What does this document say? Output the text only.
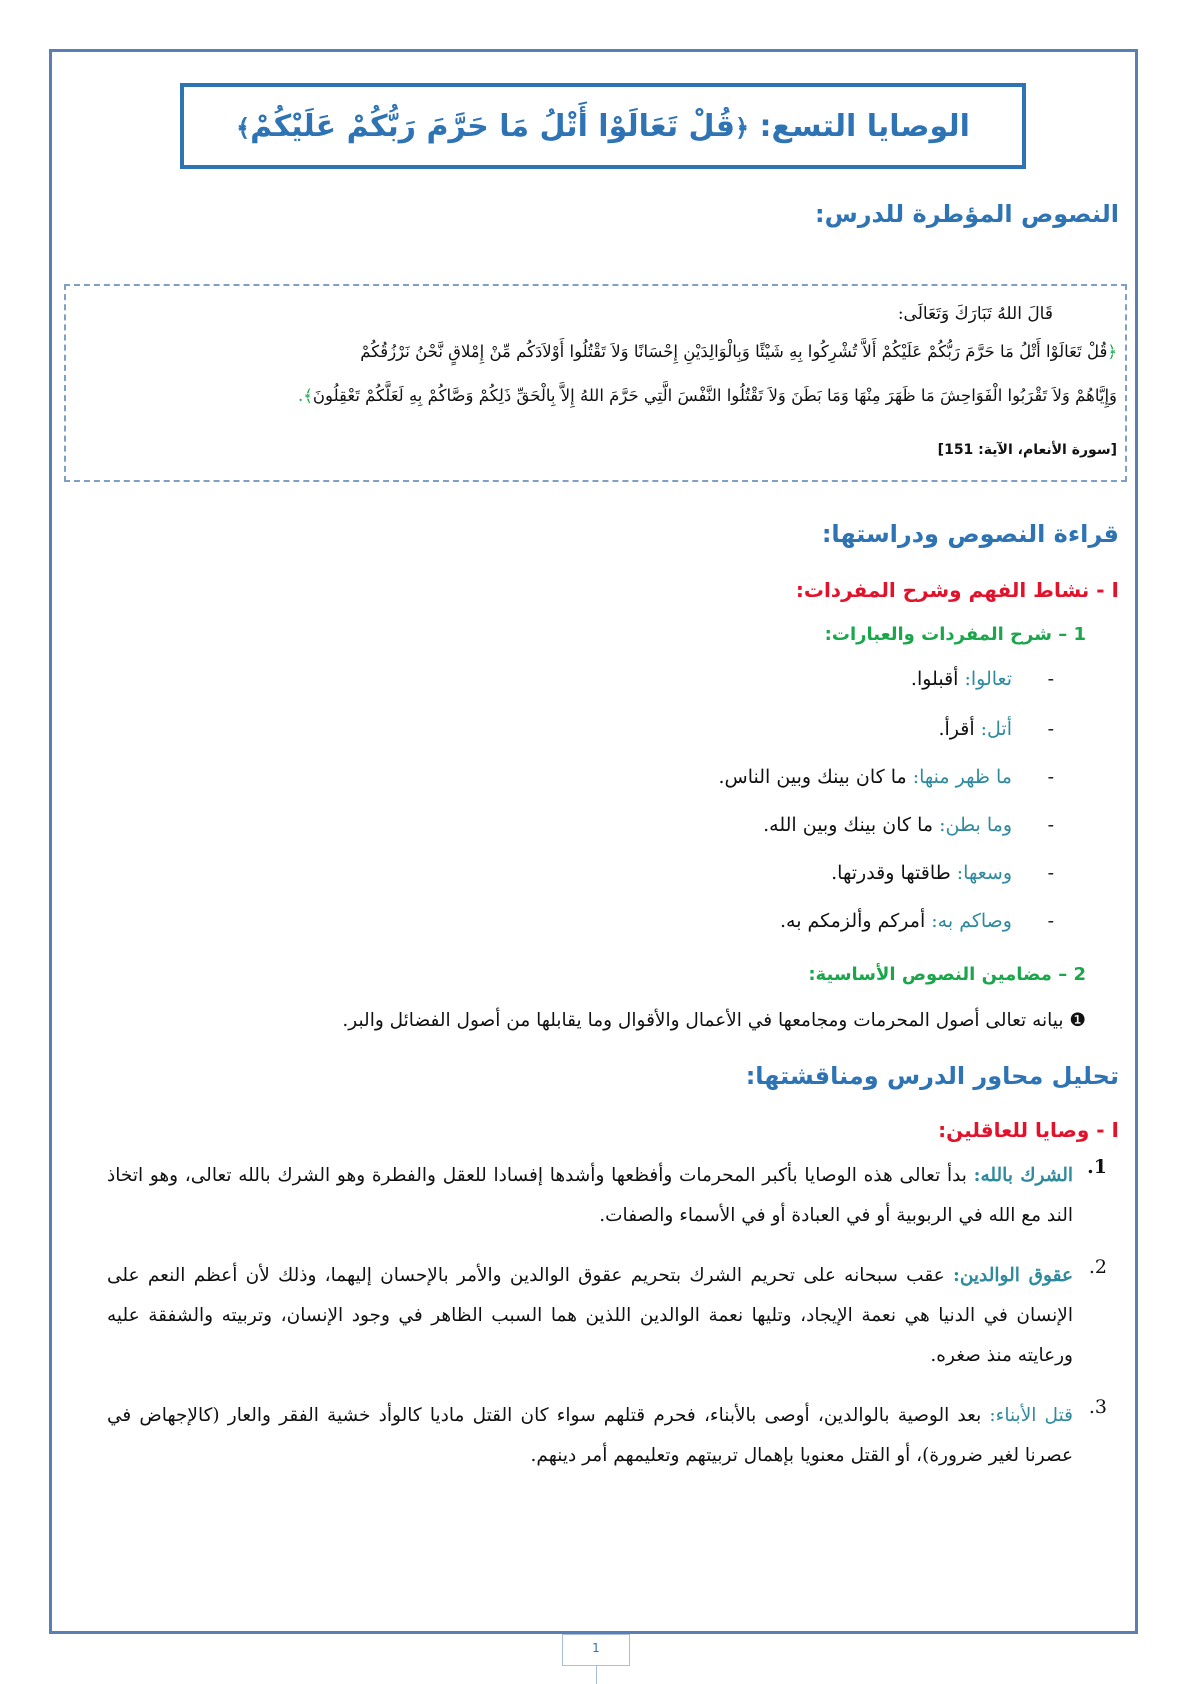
الوصايا التسع: ﴿قُلْ تَعَالَوْا أَتْلُ مَا حَرَّمَ رَبُّكُمْ عَلَيْكُمْ﴾
النصوص المؤطرة للدرس:
قَالَ اللهُ تَبَارَكَ وَتَعَالَى:
﴿قُلْ تَعَالَوْا أَتْلُ مَا حَرَّمَ رَبُّكُمْ عَلَيْكُمْ أَلاَّ تُشْرِكُوا بِهِ شَيْئًا وَبِالْوَالِدَيْنِ إِحْسَانًا وَلاَ تَقْتُلُوا أَوْلاَدَكُم مِّنْ إِمْلاقٍ نَّحْنُ نَرْزُقُكُمْ
وَإِيَّاهُمْ وَلاَ تَقْرَبُوا الْفَوَاحِشَ مَا ظَهَرَ مِنْهَا وَمَا بَطَنَ وَلاَ تَقْتُلُوا النَّفْسَ الَّتِي حَرَّمَ اللهُ إِلاَّ بِالْحَقِّ ذَلِكُمْ وَصَّاكُمْ بِهِ لَعَلَّكُمْ تَعْقِلُونَ﴾.
[سورة الأنعام، الآية: 151]
قراءة النصوص ودراستها:
I - نشاط الفهم وشرح المفردات:
1 – شرح المفردات والعبارات:
-تعالوا: أقبلوا.
-أتل: أقرأ.
-ما ظهر منها: ما كان بينك وبين الناس.
-وما بطن: ما كان بينك وبين الله.
-وسعها: طاقتها وقدرتها.
-وصاكم به: أمركم وألزمكم به.
2 – مضامين النصوص الأساسية:
❶ بيانه تعالى أصول المحرمات ومجامعها في الأعمال والأقوال وما يقابلها من أصول الفضائل والبر.
تحليل محاور الدرس ومناقشتها:
I - وصايا للعاقلين:
1.
الشرك بالله: بدأ تعالى هذه الوصايا بأكبر المحرمات وأفظعها وأشدها إفسادا للعقل والفطرة وهو الشرك بالله تعالى، وهو اتخاذ الند مع الله في الربوبية أو في العبادة أو في الأسماء والصفات.
2.
عقوق الوالدين: عقب سبحانه على تحريم الشرك بتحريم عقوق الوالدين والأمر بالإحسان إليهما، وذلك لأن أعظم النعم على الإنسان في الدنيا هي نعمة الإيجاد، وتليها نعمة الوالدين اللذين هما السبب الظاهر في وجود الإنسان، وتربيته والشفقة عليه ورعايته منذ صغره.
3.
قتل الأبناء: بعد الوصية بالوالدين، أوصى بالأبناء، فحرم قتلهم سواء كان القتل ماديا كالوأد خشية الفقر والعار (كالإجهاض في عصرنا لغير ضرورة)، أو القتل معنويا بإهمال تربيتهم وتعليمهم أمر دينهم.
1
